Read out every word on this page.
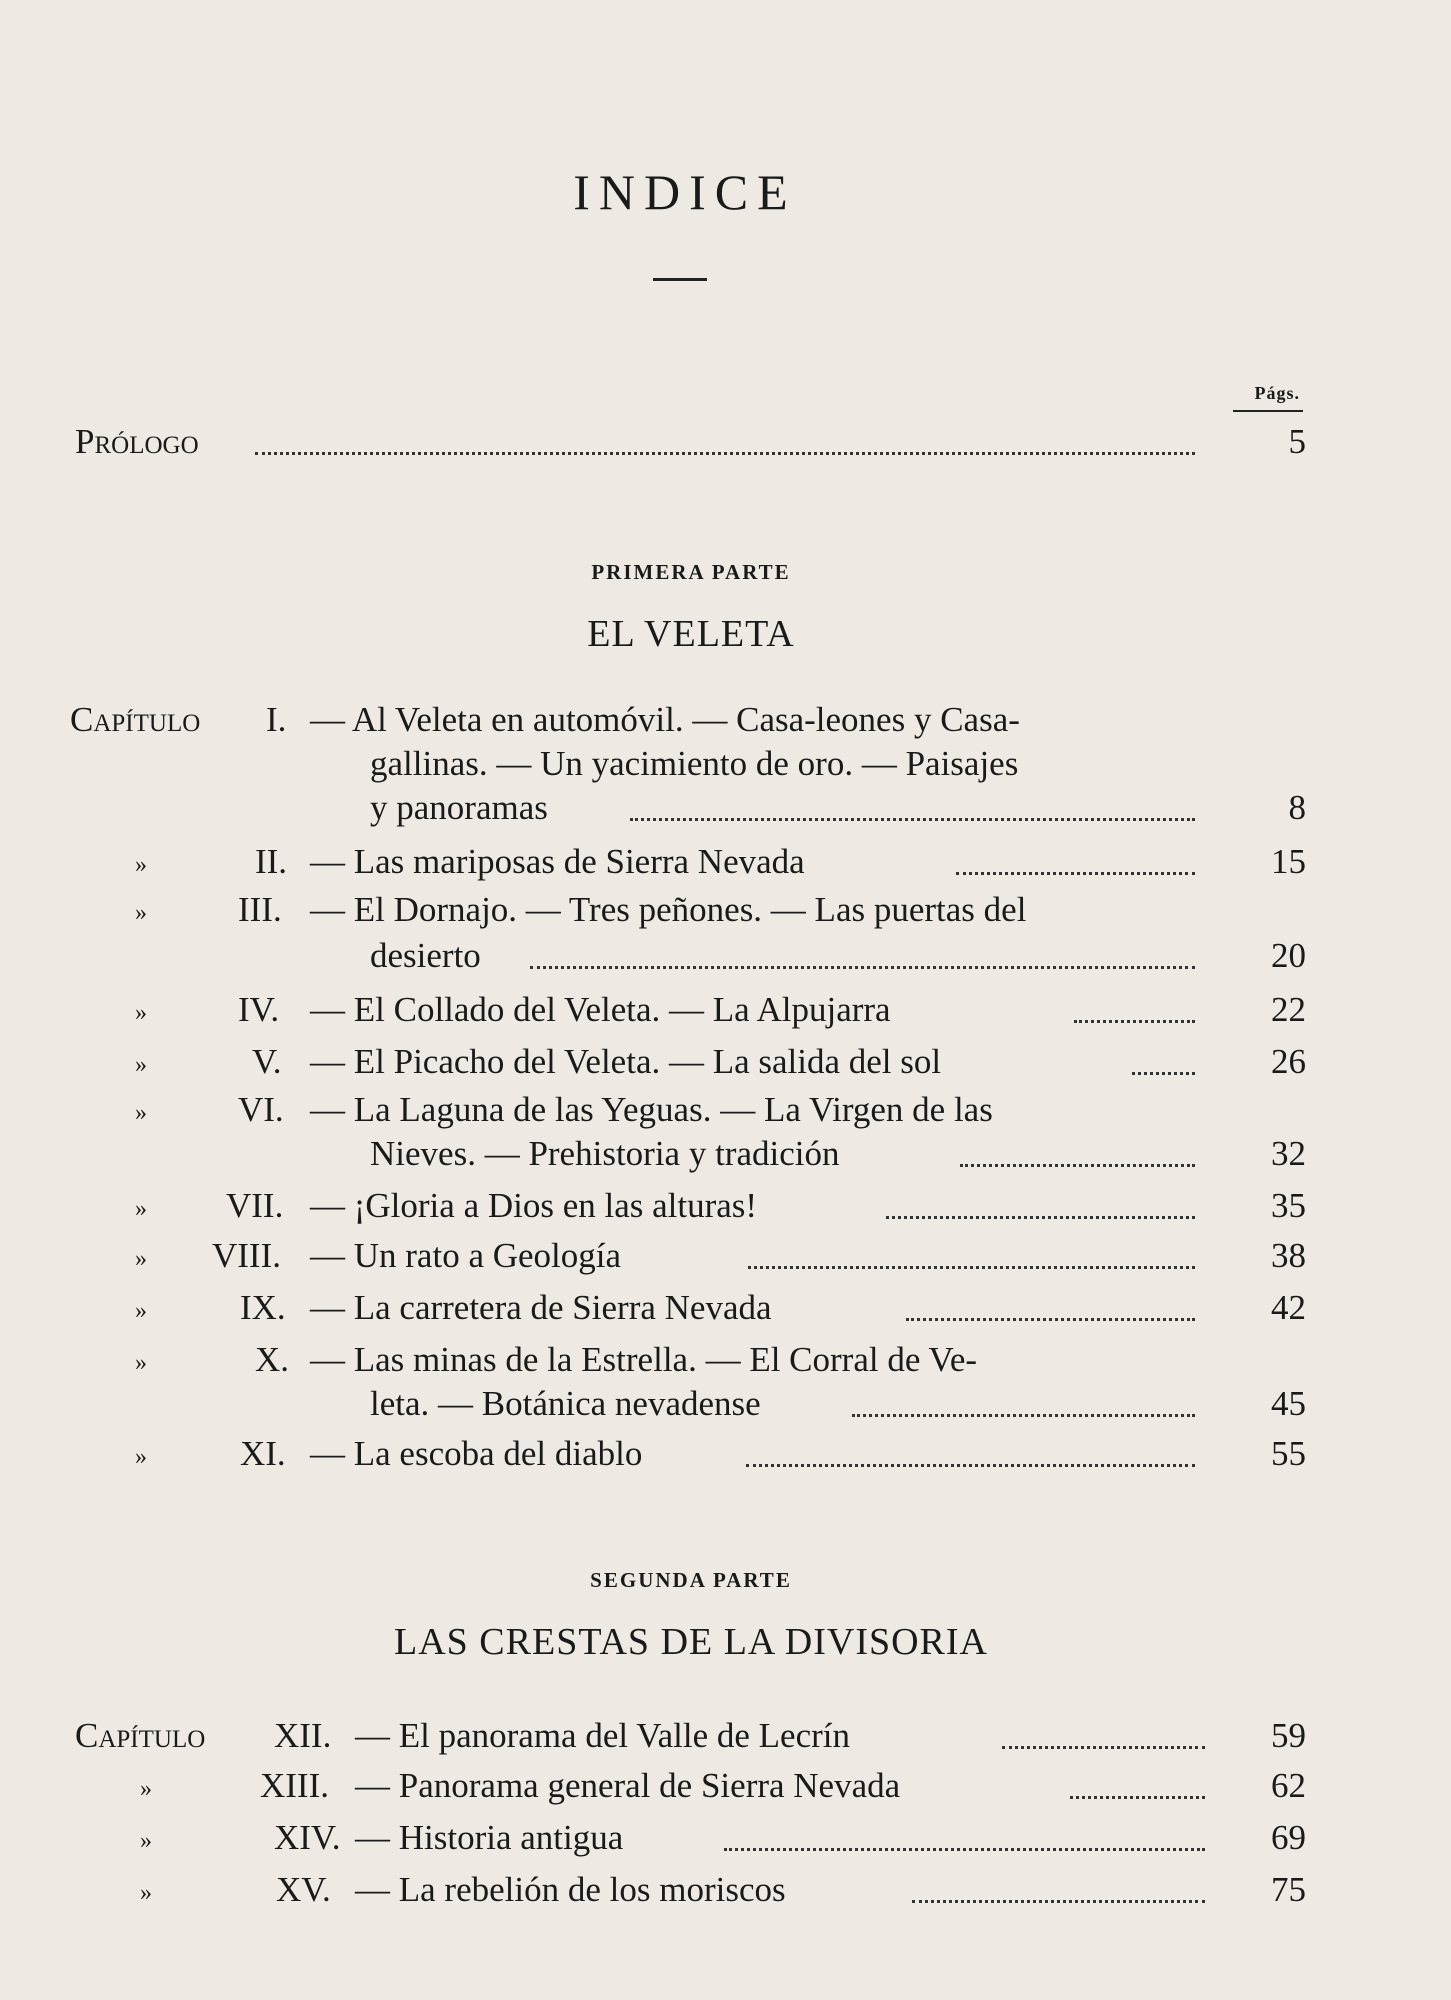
INDICE
Págs.
Prólogo	5
PRIMERA PARTE
EL VELETA
Capítulo I. — Al Veleta en automóvil. — Casa-leones y Casa-
gallinas. — Un yacimiento de oro. — Paisajes
y panoramas	8
»	II. — Las mariposas de Sierra Nevada	15
»	III. — El Dornajo. — Tres peñones. — Las puertas del
desierto	20
»	IV. — El Collado del Veleta. — La Alpujarra	22
»	V. — El Picacho del Veleta. — La salida del sol	26
»	VI. — La Laguna de las Yeguas. — La Virgen de las
Nieves. — Prehistoria y tradición	32
» VII. — ¡Gloria a Dios en las alturas!	35
» VIII. — Un rato a Geología	38
»	IX. — La carretera de Sierra Nevada	42
»	X. — Las minas de la Estrella. — El Corral de Ve-
leta. — Botánica nevadense	45
»	XI. — La escoba del diablo	55
SEGUNDA PARTE
LAS CRESTAS DE LA DIVISORIA
Capítulo XII. — El panorama del Valle de Lecrín	59
»	XIII. — Panorama general de Sierra Nevada	62
»	XIV. — Historia antigua	69
»	XV. — La rebelión de los moriscos	75
